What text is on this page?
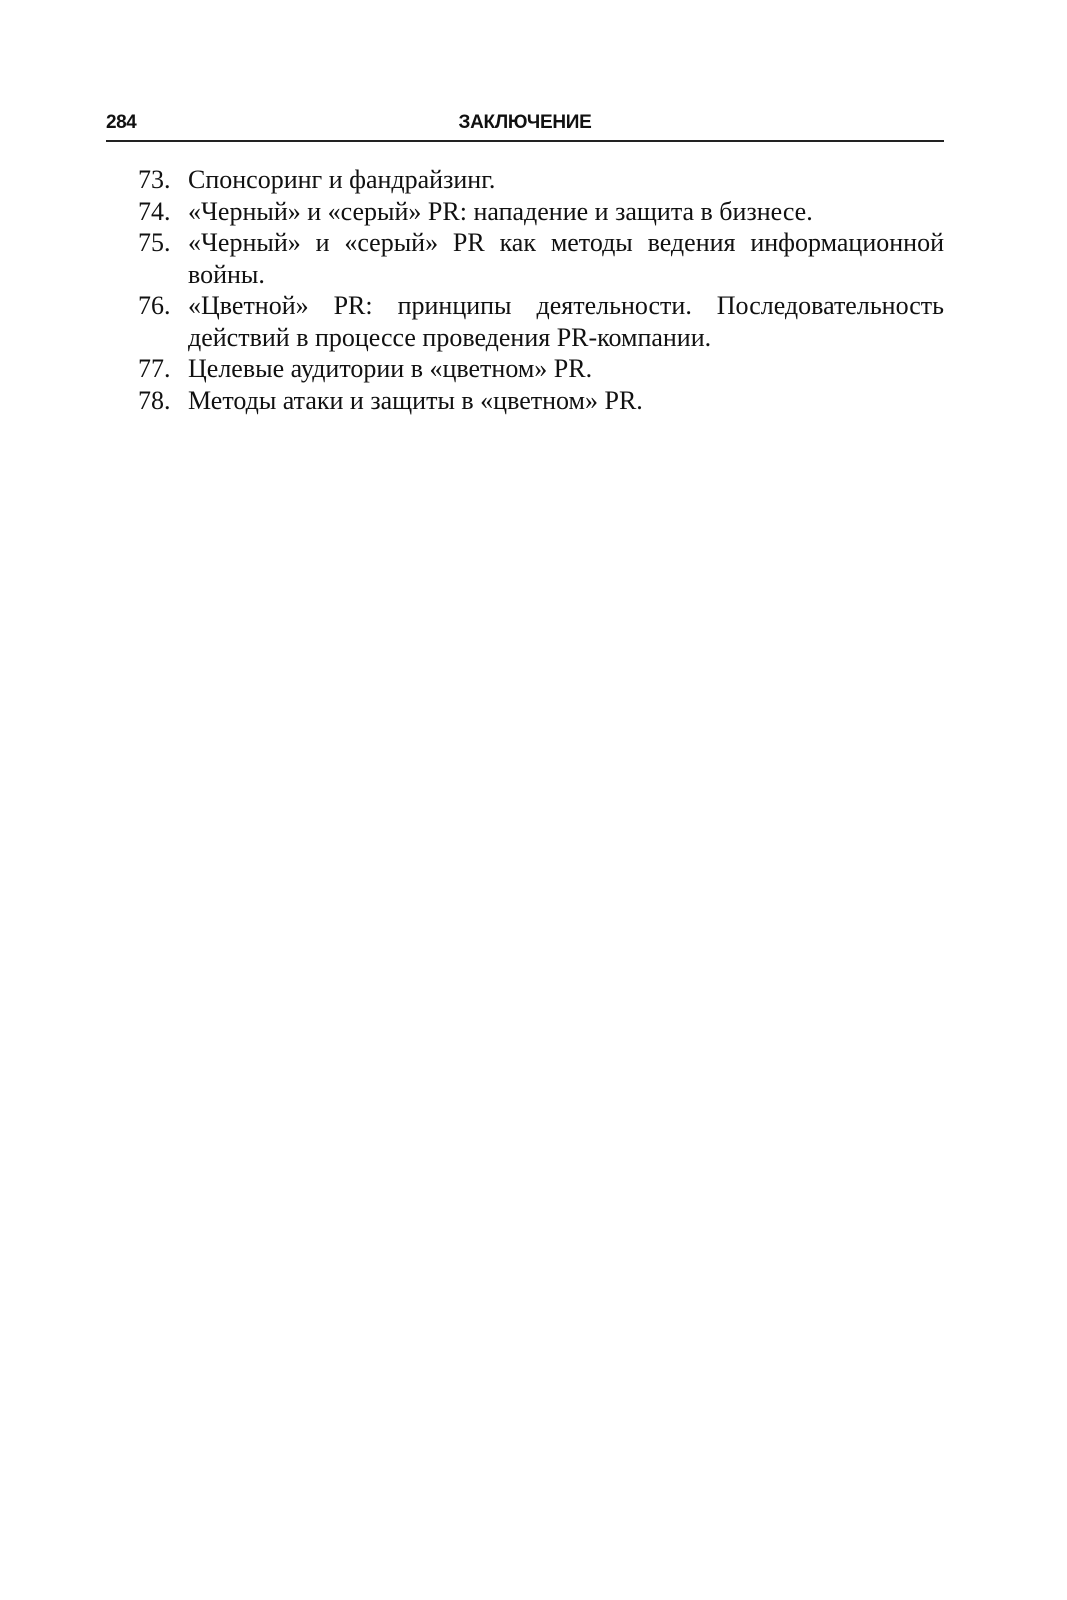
284	ЗАКЛЮЧЕНИЕ
73. Спонсоринг и фандрайзинг.
74. «Черный» и «серый» PR: нападение и защита в бизнесе.
75. «Черный» и «серый» PR как методы ведения информационной войны.
76. «Цветной» PR: принципы деятельности. Последовательность действий в процессе проведения PR-компании.
77. Целевые аудитории в «цветном» PR.
78. Методы атаки и защиты в «цветном» PR.
